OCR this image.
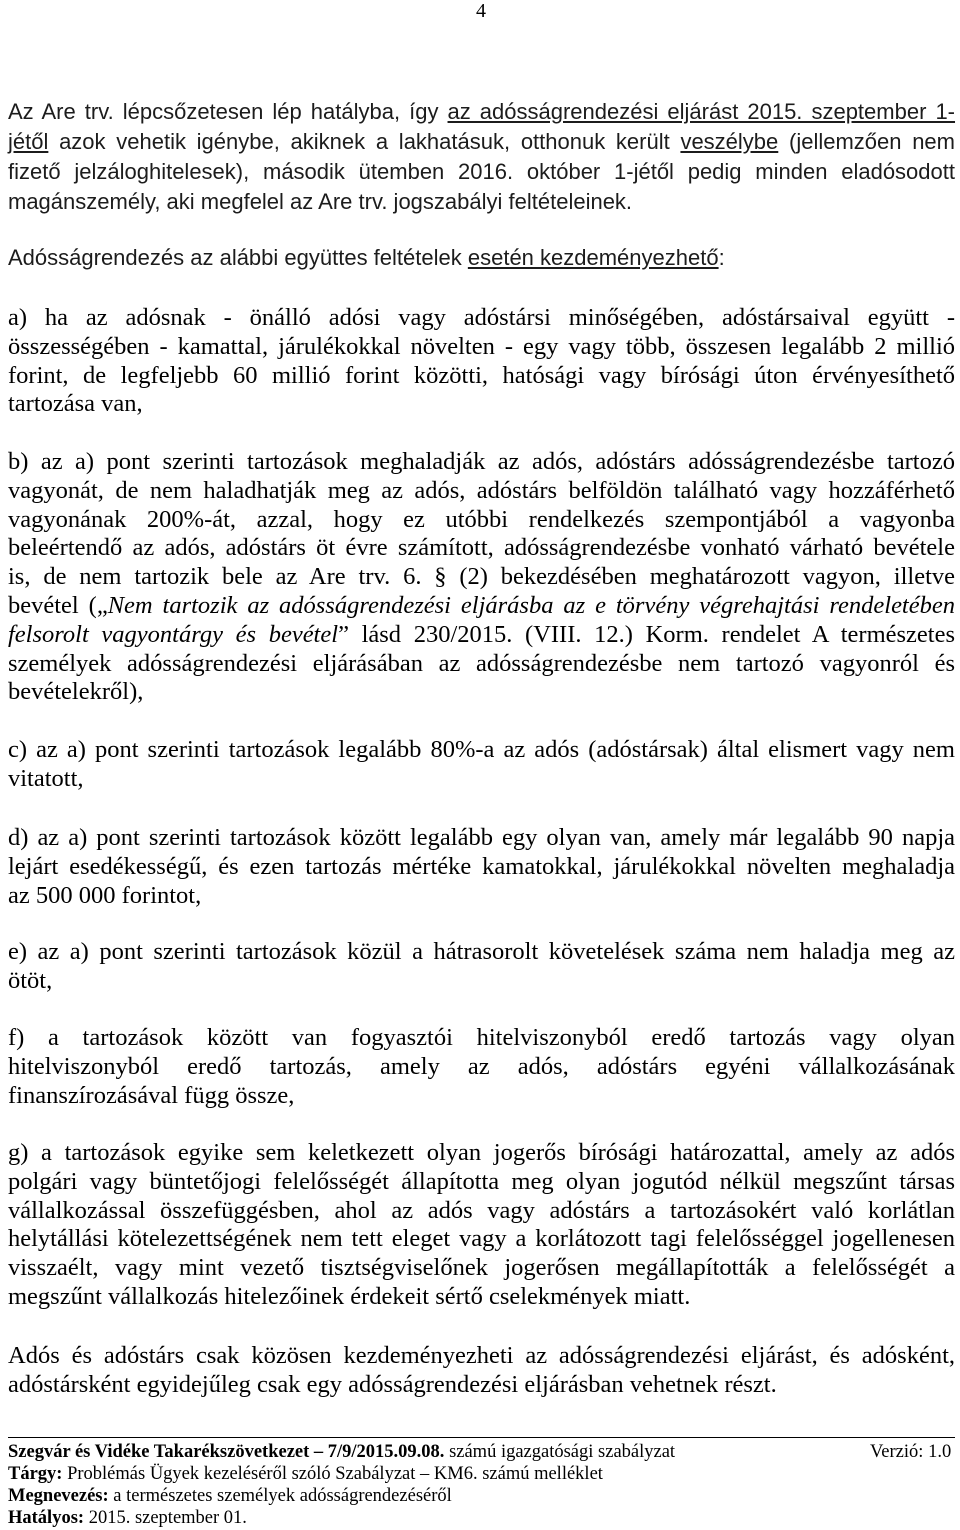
4
Az Are trv. lépcsőzetesen lép hatályba, így az adósságrendezési eljárást 2015. szeptember 1-
jétől azok vehetik igénybe, akiknek a lakhatásuk, otthonuk került veszélybe (jellemzően nem
fizető jelzáloghitelesek), második ütemben 2016. október 1-jétől pedig minden eladósodott
magánszemély, aki megfelel az Are trv. jogszabályi feltételeinek.
Adósságrendezés az alábbi együttes feltételek esetén kezdeményezhető:
a) ha az adósnak - önálló adósi vagy adóstársi minőségében, adóstársaival együtt -
összességében - kamattal, járulékokkal növelten - egy vagy több, összesen legalább 2 millió
forint, de legfeljebb 60 millió forint közötti, hatósági vagy bírósági úton érvényesíthető
tartozása van,
b) az a) pont szerinti tartozások meghaladják az adós, adóstárs adósságrendezésbe tartozó
vagyonát, de nem haladhatják meg az adós, adóstárs belföldön található vagy hozzáférhető
vagyonának 200%-át, azzal, hogy ez utóbbi rendelkezés szempontjából a vagyonba
beleértendő az adós, adóstárs öt évre számított, adósságrendezésbe vonható várható bevétele
is, de nem tartozik bele az Are trv. 6. § (2) bekezdésében meghatározott vagyon, illetve
bevétel („Nem tartozik az adósságrendezési eljárásba az e törvény végrehajtási rendeletében
felsorolt vagyontárgy és bevétel” lásd 230/2015. (VIII. 12.) Korm. rendelet A természetes
személyek adósságrendezési eljárásában az adósságrendezésbe nem tartozó vagyonról és
bevételekről),
c) az a) pont szerinti tartozások legalább 80%-a az adós (adóstársak) által elismert vagy nem
vitatott,
d) az a) pont szerinti tartozások között legalább egy olyan van, amely már legalább 90 napja
lejárt esedékességű, és ezen tartozás mértéke kamatokkal, járulékokkal növelten meghaladja
az 500 000 forintot,
e) az a) pont szerinti tartozások közül a hátrasorolt követelések száma nem haladja meg az
ötöt,
f) a tartozások között van fogyasztói hitelviszonyból eredő tartozás vagy olyan
hitelviszonyból eredő tartozás, amely az adós, adóstárs egyéni vállalkozásának
finanszírozásával függ össze,
g) a tartozások egyike sem keletkezett olyan jogerős bírósági határozattal, amely az adós
polgári vagy büntetőjogi felelősségét állapította meg olyan jogutód nélkül megszűnt társas
vállalkozással összefüggésben, ahol az adós vagy adóstárs a tartozásokért való korlátlan
helytállási kötelezettségének nem tett eleget vagy a korlátozott tagi felelősséggel jogellenesen
visszaélt, vagy mint vezető tisztségviselőnek jogerősen megállapították a felelősségét a
megszűnt vállalkozás hitelezőinek érdekeit sértő cselekmények miatt.
Adós és adóstárs csak közösen kezdeményezheti az adósságrendezési eljárást, és adósként,
adóstársként egyidejűleg csak egy adósságrendezési eljárásban vehetnek részt.
Szegvár és Vidéke Takarékszövetkezet – 7/9/2015.09.08. számú igazgatósági szabályzat	Verzió: 1.0
Tárgy: Problémás Ügyek kezeléséről szóló Szabályzat – KM6. számú melléklet
Megnevezés: a természetes személyek adósságrendezéséről
Hatályos: 2015. szeptember 01.
